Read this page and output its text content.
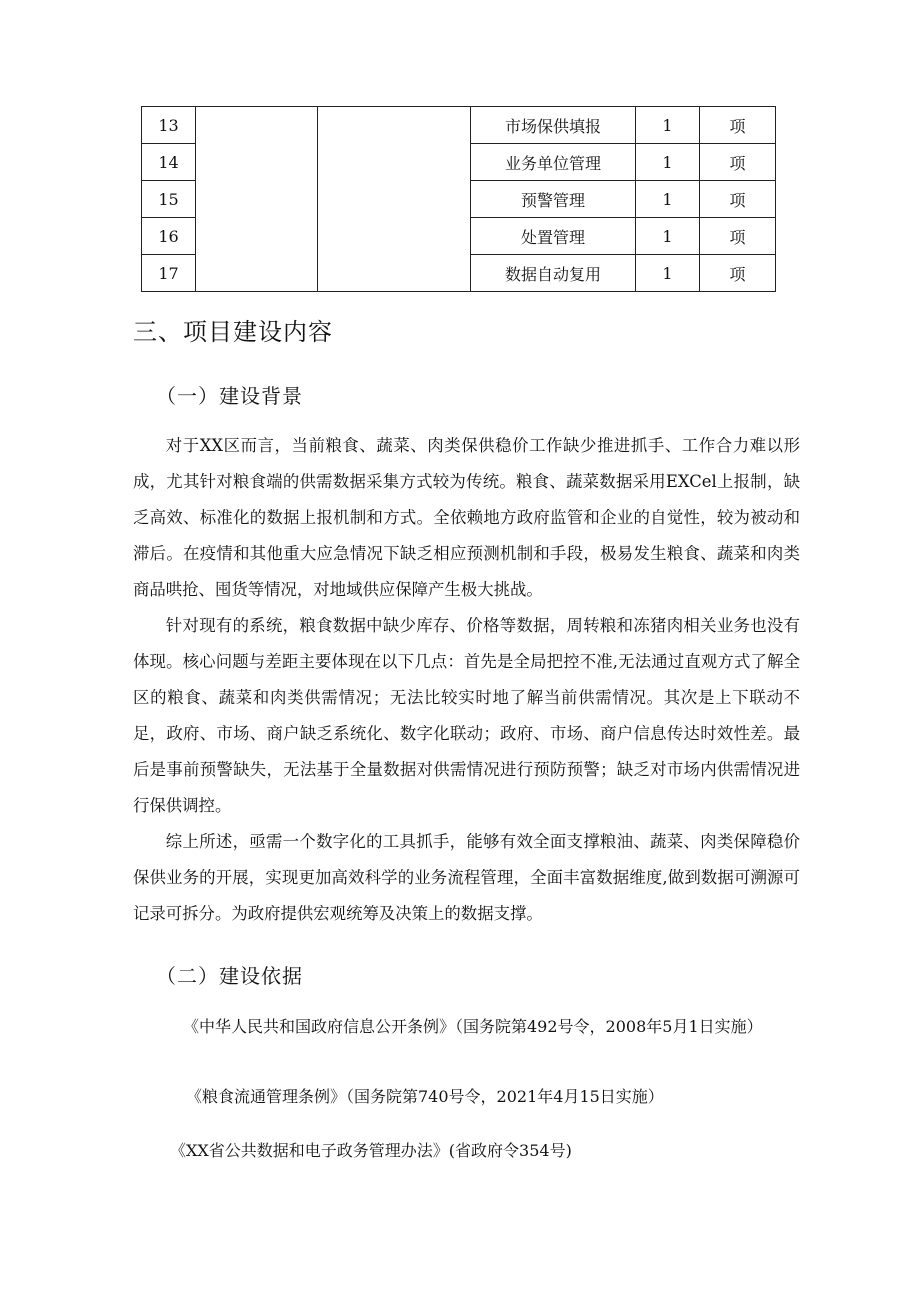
13			市场保供填报	1	项
14			业务单位管理	1	项
15			预警管理	1	项
16			处置管理	1	项
17			数据自动复用	1	项
三、项目建设内容
（一）建设背景

对于XX区而言，当前粮食、蔬菜、肉类保供稳价工作缺少推进抓手、工作合力难以形成，尤其针对粮食端的供需数据采集方式较为传统。粮食、蔬菜数据采用EXCel上报制，缺乏高效、标准化的数据上报机制和方式。全依赖地方政府监管和企业的自觉性，较为被动和滞后。在疫情和其他重大应急情况下缺乏相应预测机制和手段，极易发生粮食、蔬菜和肉类商品哄抢、囤货等情况，对地域供应保障产生极大挑战。

针对现有的系统，粮食数据中缺少库存、价格等数据，周转粮和冻猪肉相关业务也没有体现。核心问题与差距主要体现在以下几点：首先是全局把控不准,无法通过直观方式了解全区的粮食、蔬菜和肉类供需情况；无法比较实时地了解当前供需情况。其次是上下联动不足，政府、市场、商户缺乏系统化、数字化联动；政府、市场、商户信息传达时效性差。最后是事前预警缺失，无法基于全量数据对供需情况进行预防预警；缺乏对市场内供需情况进行保供调控。

综上所述，亟需一个数字化的工具抓手，能够有效全面支撑粮油、蔬菜、肉类保障稳价保供业务的开展，实现更加高效科学的业务流程管理，全面丰富数据维度,做到数据可溯源可记录可拆分。为政府提供宏观统筹及决策上的数据支撑。

（二）建设依据

《中华人民共和国政府信息公开条例》（国务院第492号令，2008年5月1日实施）

《粮食流通管理条例》（国务院第740号令，2021年4月15日实施）

《XX省公共数据和电子政务管理办法》(省政府令354号)
